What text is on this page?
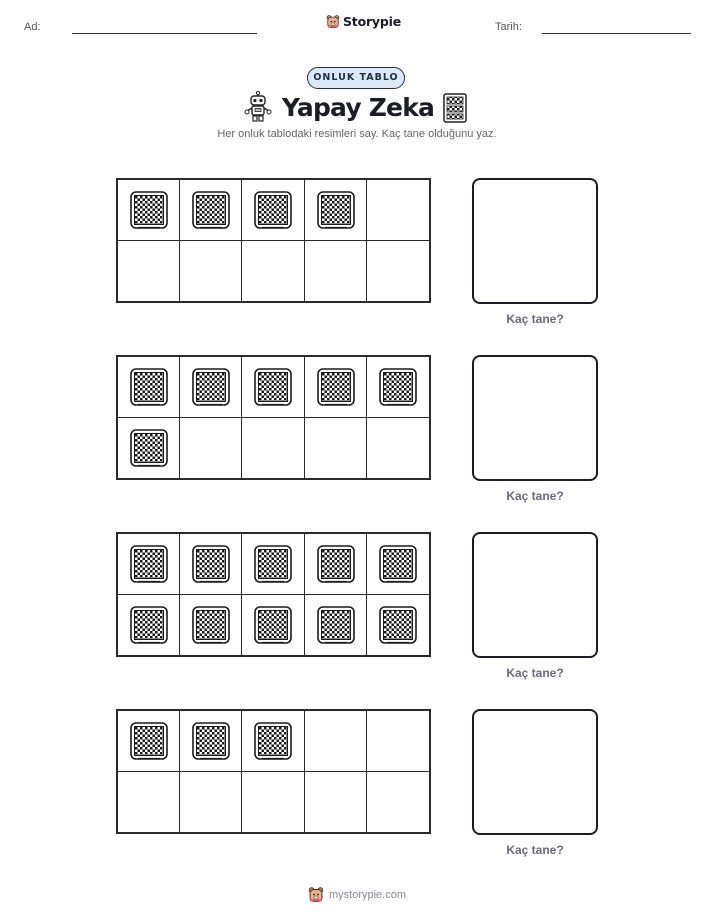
Ad:	Storypie	Tarih:
ONLUK TABLO
Yapay Zeka
Her onluk tablodaki resimleri say. Kaç tane olduğunu yaz.
Kaç tane?
Kaç tane?
Kaç tane?
Kaç tane?
mystorypie.com
